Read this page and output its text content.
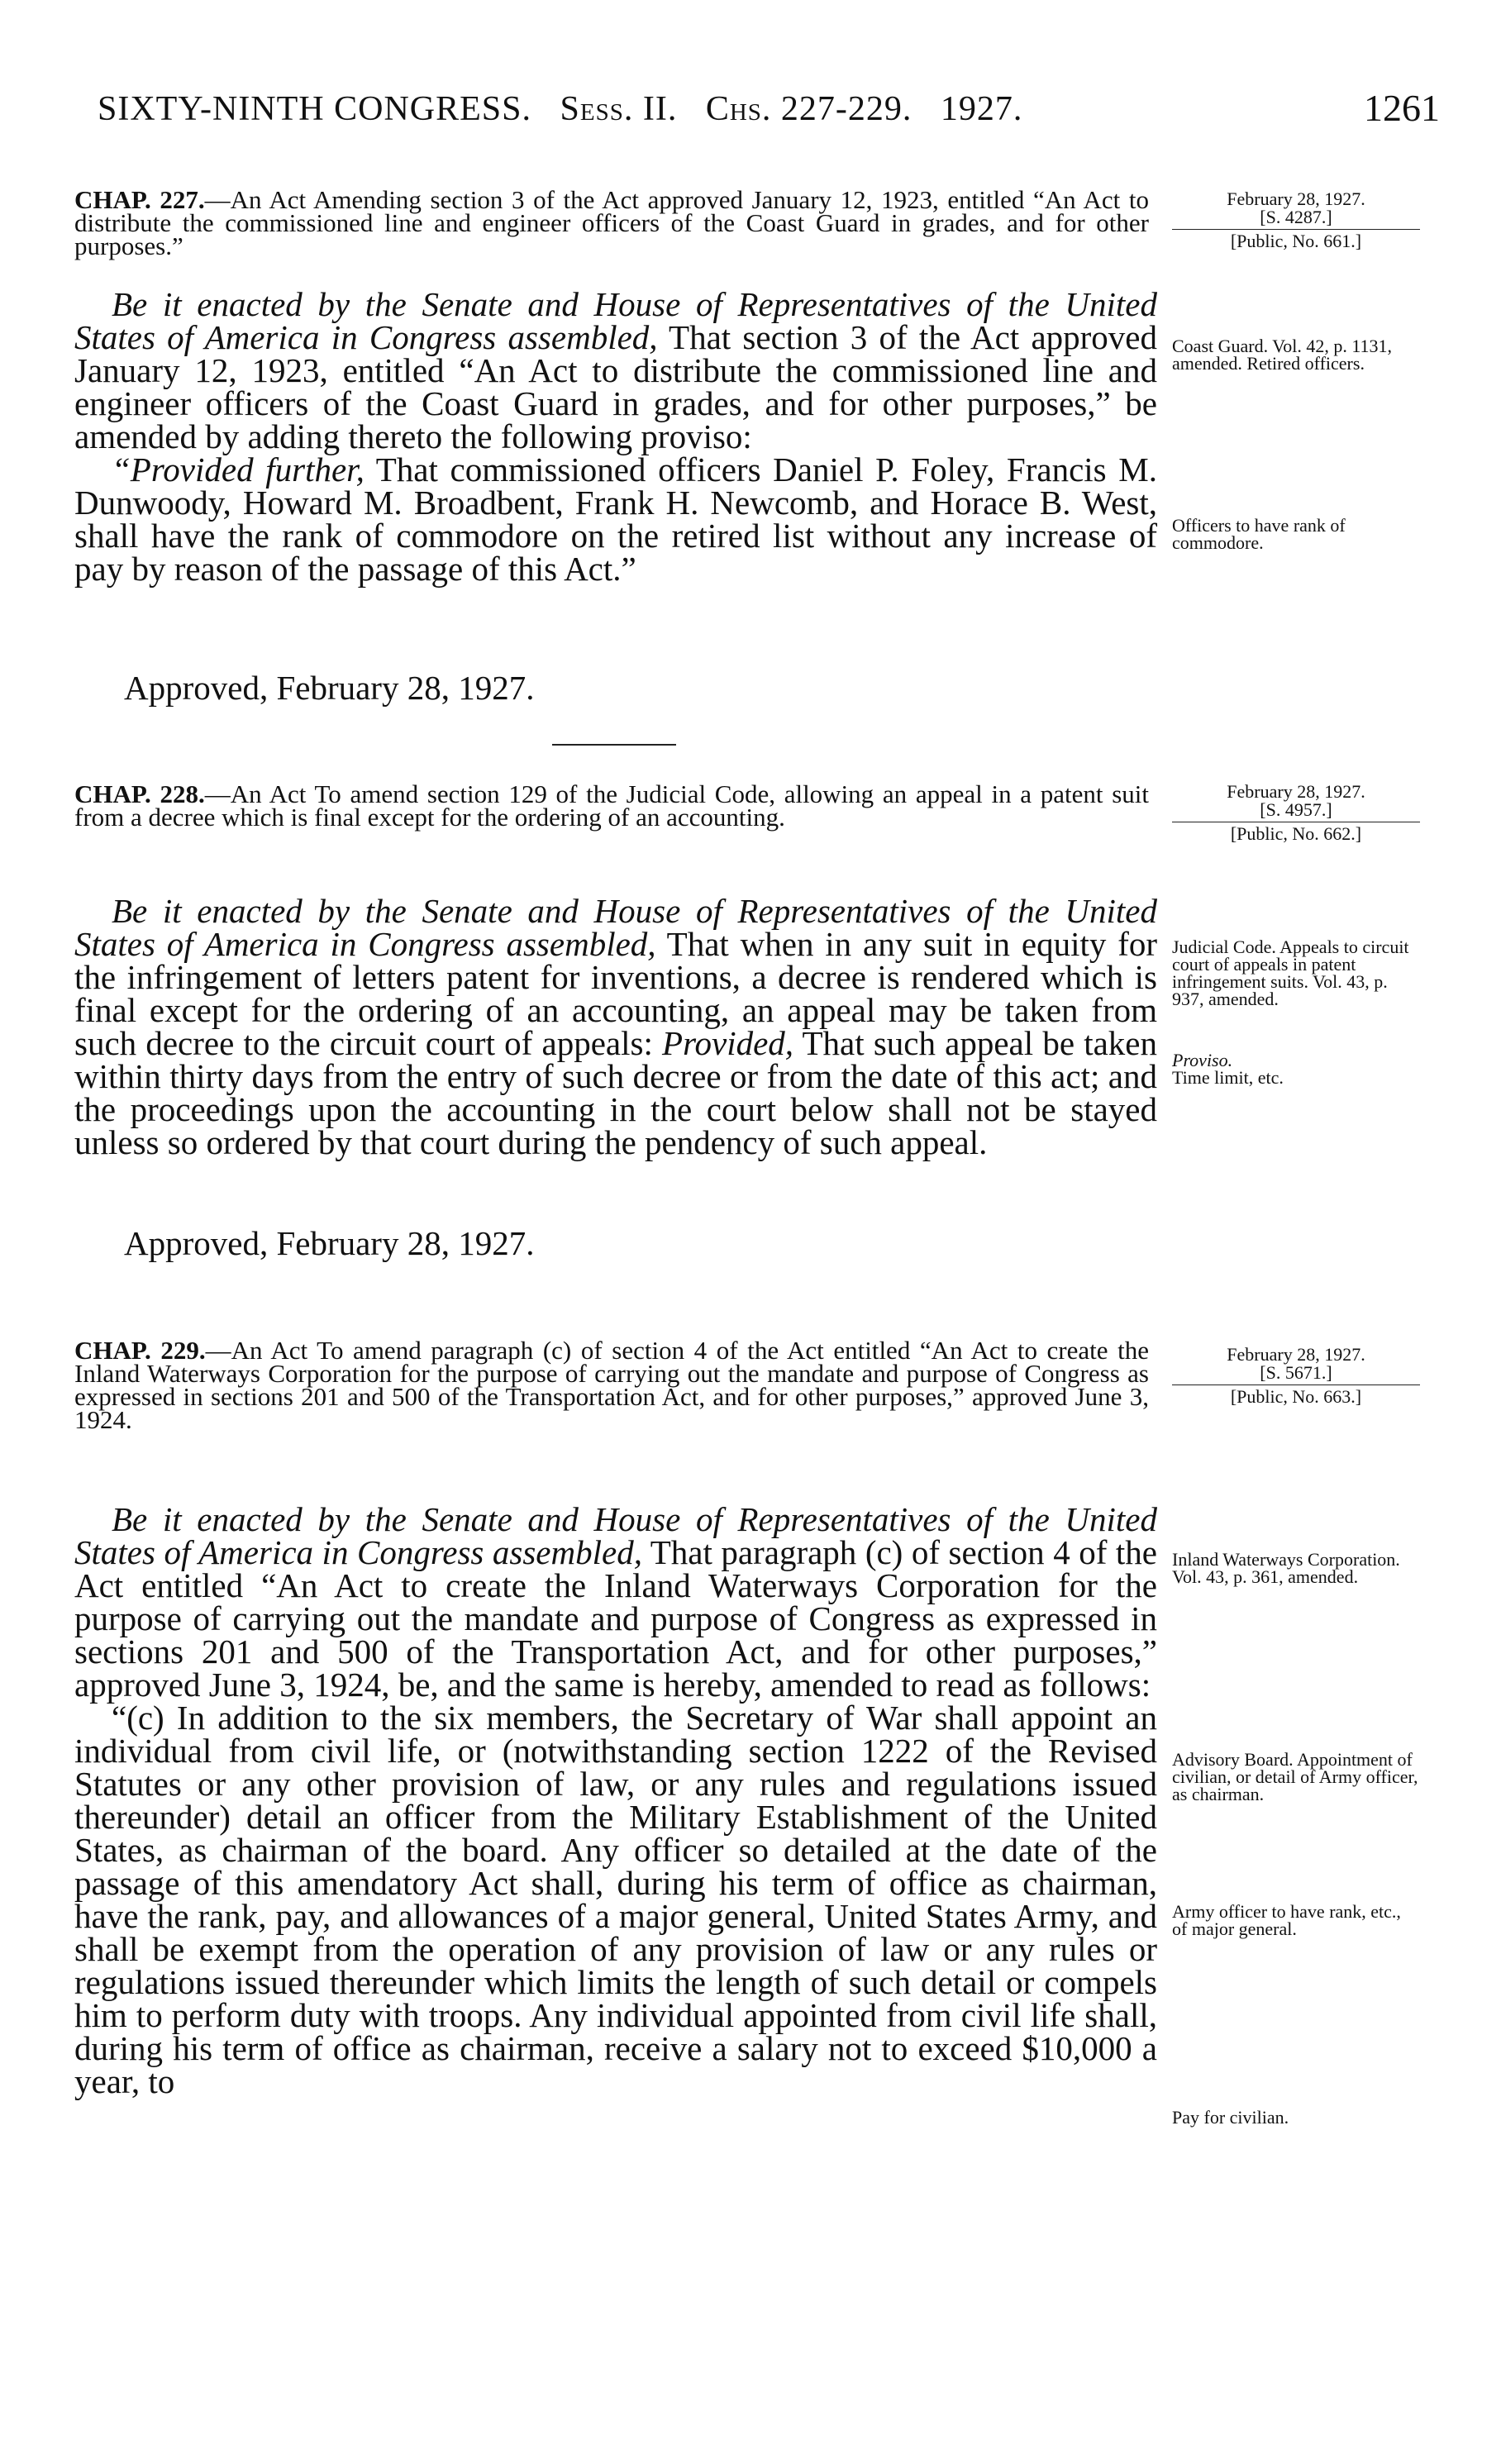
SIXTY-NINTH CONGRESS. Sess. II. Chs. 227-229. 1927.	1261
CHAP. 227.—An Act Amending section 3 of the Act approved January 12, 1923, entitled “An Act to distribute the commissioned line and engineer officers of the Coast Guard in grades, and for other purposes.”
February 28, 1927.
[S. 4287.]
[Public, No. 661.]

Be it enacted by the Senate and House of Representatives of the United States of America in Congress assembled, That section 3 of the Act approved January 12, 1923, entitled “An Act to distribute the commissioned line and engineer officers of the Coast Guard in grades, and for other purposes,” be amended by adding thereto the following proviso:

“Provided further, That commissioned officers Daniel P. Foley, Francis M. Dunwoody, Howard M. Broadbent, Frank H. Newcomb, and Horace B. West, shall have the rank of commodore on the retired list without any increase of pay by reason of the passage of this Act.”

Coast Guard. Vol. 42, p. 1131, amended. Retired officers.
Officers to have rank of commodore.
Approved, February 28, 1927.
CHAP. 228.—An Act To amend section 129 of the Judicial Code, allowing an appeal in a patent suit from a decree which is final except for the ordering of an accounting.
February 28, 1927.
[S. 4957.]
[Public, No. 662.]

Be it enacted by the Senate and House of Representatives of the United States of America in Congress assembled, That when in any suit in equity for the infringement of letters patent for inventions, a decree is rendered which is final except for the ordering of an accounting, an appeal may be taken from such decree to the circuit court of appeals: Provided, That such appeal be taken within thirty days from the entry of such decree or from the date of this act; and the proceedings upon the accounting in the court below shall not be stayed unless so ordered by that court during the pendency of such appeal.

Judicial Code. Appeals to circuit court of appeals in patent infringement suits. Vol. 43, p. 937, amended.
Proviso.
Time limit, etc.
Approved, February 28, 1927.
CHAP. 229.—An Act To amend paragraph (c) of section 4 of the Act entitled “An Act to create the Inland Waterways Corporation for the purpose of carrying out the mandate and purpose of Congress as expressed in sections 201 and 500 of the Transportation Act, and for other purposes,” approved June 3, 1924.
February 28, 1927.
[S. 5671.]
[Public, No. 663.]

Be it enacted by the Senate and House of Representatives of the United States of America in Congress assembled, That paragraph (c) of section 4 of the Act entitled “An Act to create the Inland Waterways Corporation for the purpose of carrying out the mandate and purpose of Congress as expressed in sections 201 and 500 of the Transportation Act, and for other purposes,” approved June 3, 1924, be, and the same is hereby, amended to read as follows:

“(c) In addition to the six members, the Secretary of War shall appoint an individual from civil life, or (notwithstanding section 1222 of the Revised Statutes or any other provision of law, or any rules and regulations issued thereunder) detail an officer from the Military Establishment of the United States, as chairman of the board. Any officer so detailed at the date of the passage of this amendatory Act shall, during his term of office as chairman, have the rank, pay, and allowances of a major general, United States Army, and shall be exempt from the operation of any provision of law or any rules or regulations issued thereunder which limits the length of such detail or compels him to perform duty with troops. Any individual appointed from civil life shall, during his term of office as chairman, receive a salary not to exceed $10,000 a year, to

Inland Waterways Corporation. Vol. 43, p. 361, amended.
Advisory Board. Appointment of civilian, or detail of Army officer, as chairman.
Army officer to have rank, etc., of major general.
Pay for civilian.
